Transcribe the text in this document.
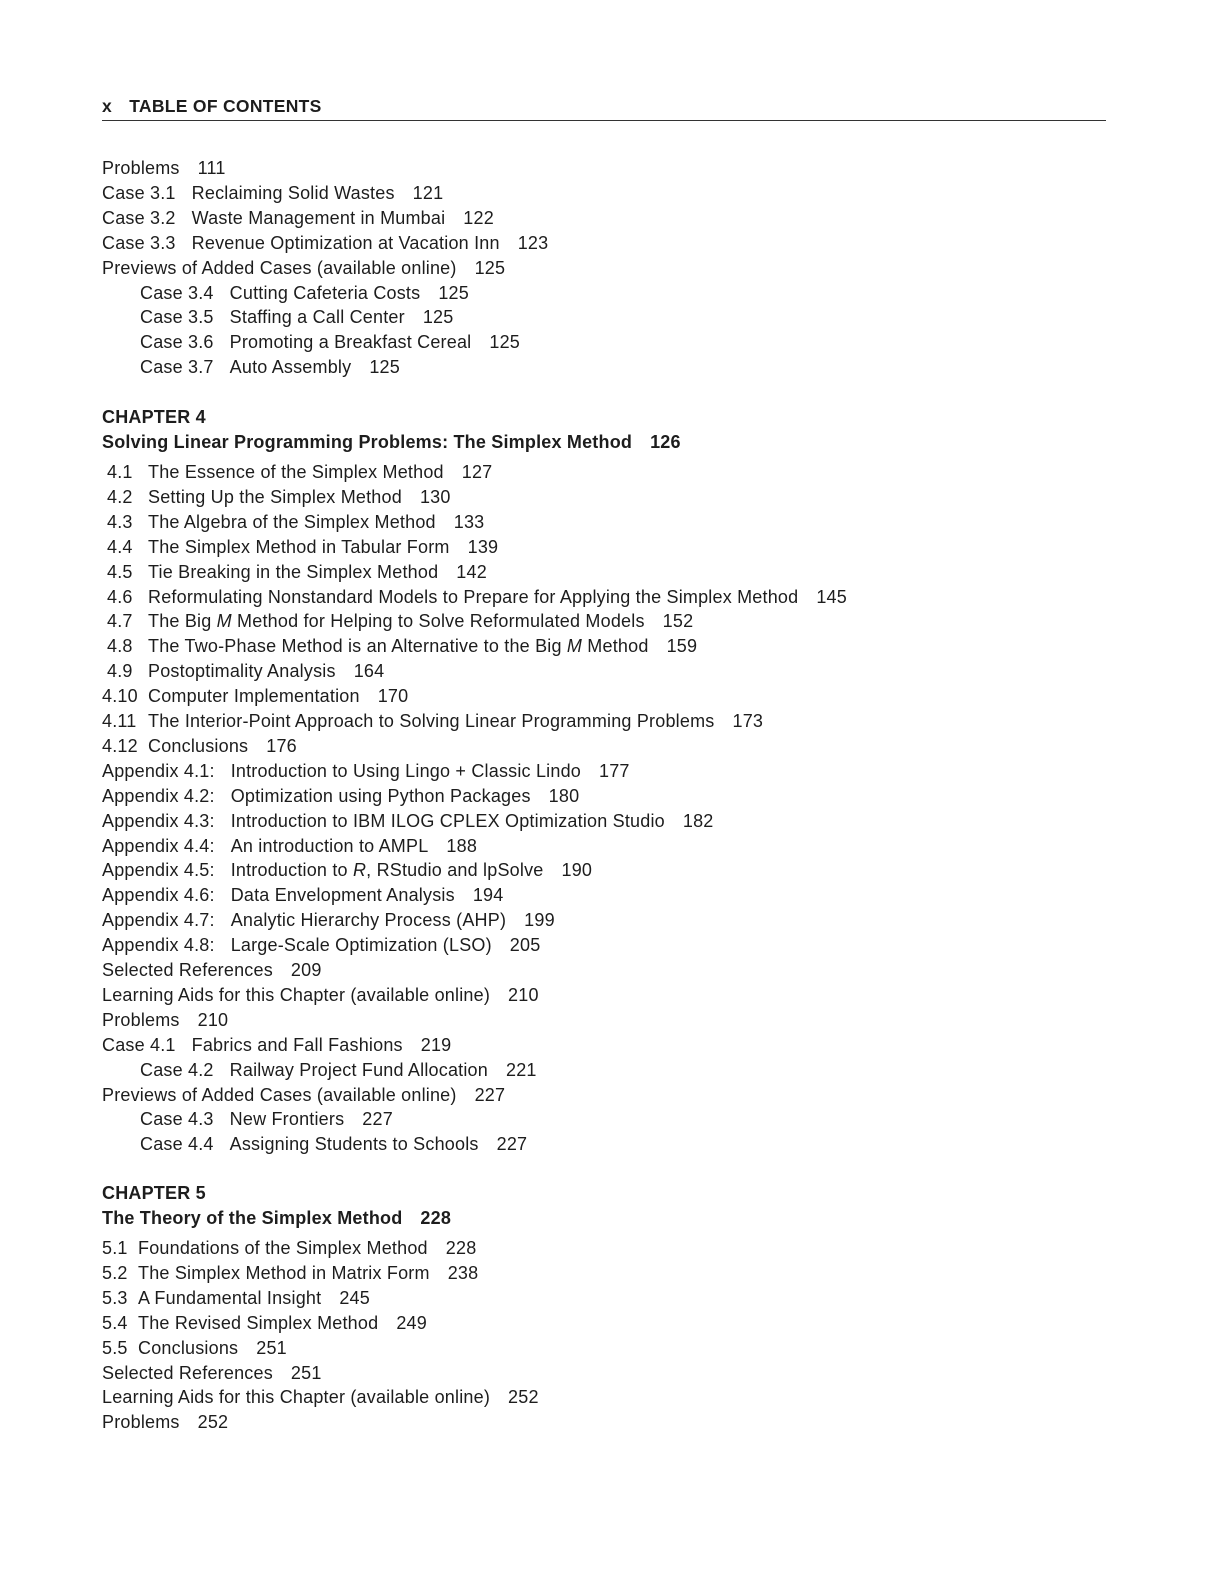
x TABLE OF CONTENTS
Problems 111
Case 3.1 Reclaiming Solid Wastes 121
Case 3.2 Waste Management in Mumbai 122
Case 3.3 Revenue Optimization at Vacation Inn 123
Previews of Added Cases (available online) 125
Case 3.4 Cutting Cafeteria Costs 125
Case 3.5 Staffing a Call Center 125
Case 3.6 Promoting a Breakfast Cereal 125
Case 3.7 Auto Assembly 125
CHAPTER 4
Solving Linear Programming Problems: The Simplex Method 126
4.1 The Essence of the Simplex Method 127
4.2 Setting Up the Simplex Method 130
4.3 The Algebra of the Simplex Method 133
4.4 The Simplex Method in Tabular Form 139
4.5 Tie Breaking in the Simplex Method 142
4.6 Reformulating Nonstandard Models to Prepare for Applying the Simplex Method 145
4.7 The Big M Method for Helping to Solve Reformulated Models 152
4.8 The Two-Phase Method is an Alternative to the Big M Method 159
4.9 Postoptimality Analysis 164
4.10 Computer Implementation 170
4.11 The Interior-Point Approach to Solving Linear Programming Problems 173
4.12 Conclusions 176
Appendix 4.1: Introduction to Using Lingo + Classic Lindo 177
Appendix 4.2: Optimization using Python Packages 180
Appendix 4.3: Introduction to IBM ILOG CPLEX Optimization Studio 182
Appendix 4.4: An introduction to AMPL 188
Appendix 4.5: Introduction to R, RStudio and lpSolve 190
Appendix 4.6: Data Envelopment Analysis 194
Appendix 4.7: Analytic Hierarchy Process (AHP) 199
Appendix 4.8: Large-Scale Optimization (LSO) 205
Selected References 209
Learning Aids for this Chapter (available online) 210
Problems 210
Case 4.1 Fabrics and Fall Fashions 219
Case 4.2 Railway Project Fund Allocation 221
Previews of Added Cases (available online) 227
Case 4.3 New Frontiers 227
Case 4.4 Assigning Students to Schools 227
CHAPTER 5
The Theory of the Simplex Method 228
5.1 Foundations of the Simplex Method 228
5.2 The Simplex Method in Matrix Form 238
5.3 A Fundamental Insight 245
5.4 The Revised Simplex Method 249
5.5 Conclusions 251
Selected References 251
Learning Aids for this Chapter (available online) 252
Problems 252
